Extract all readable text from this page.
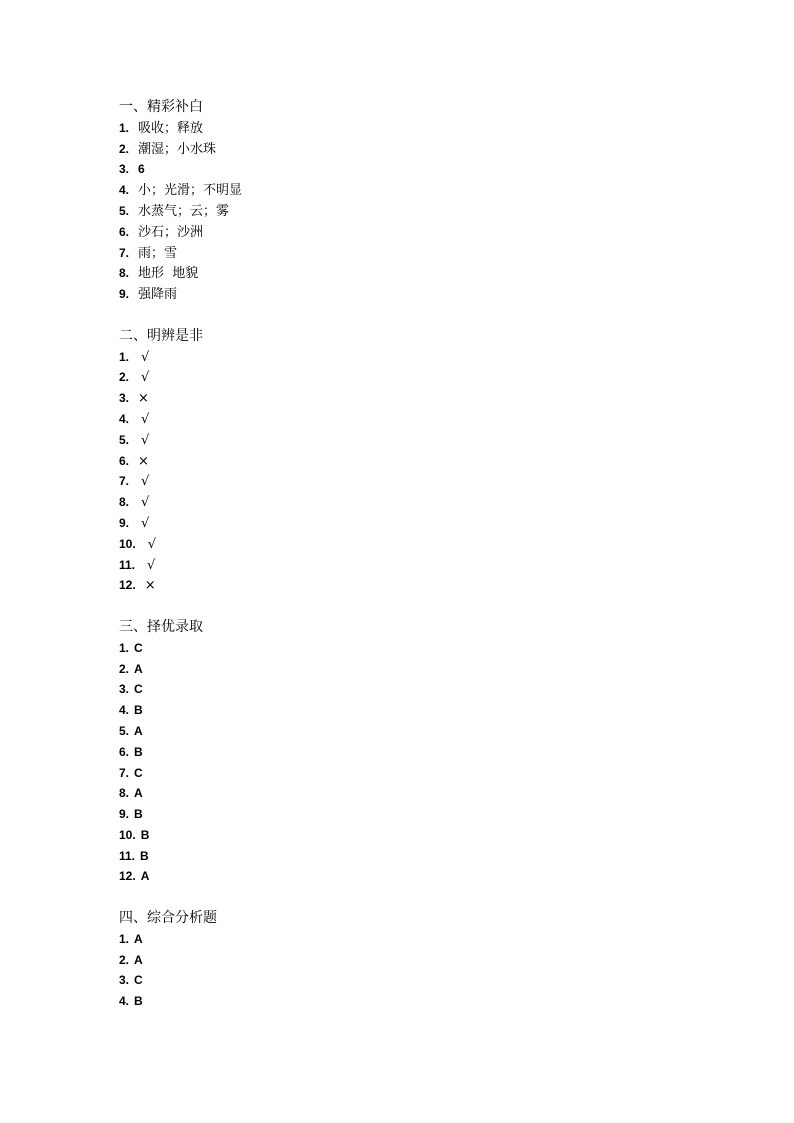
一、精彩补白
1. 吸收；释放
2. 潮湿；小水珠
3. 6
4. 小；光滑；不明显
5. 水蒸气；云；雾
6. 沙石；沙洲
7. 雨；雪
8. 地形  地貌
9. 强降雨
二、明辨是非
1. √
2. √
3. ×
4. √
5. √
6. ×
7. √
8. √
9. √
10. √
11. √
12. ×
三、择优录取
1. C
2. A
3. C
4. B
5. A
6. B
7. C
8. A
9. B
10. B
11. B
12. A
四、综合分析题
1. A
2. A
3. C
4. B
